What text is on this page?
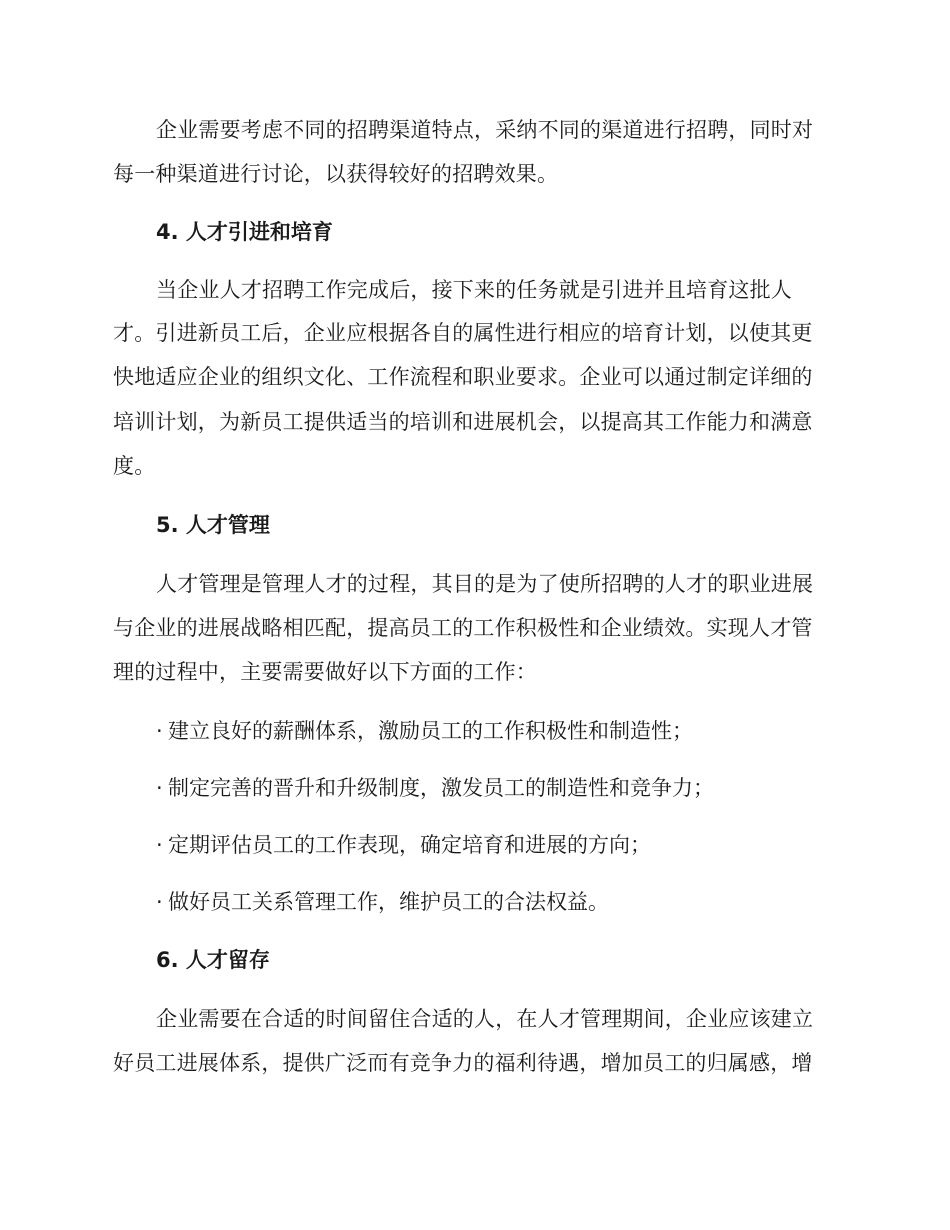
企业需要考虑不同的招聘渠道特点，采纳不同的渠道进行招聘，同时对
每一种渠道进行讨论，以获得较好的招聘效果。
4. 人才引进和培育
当企业人才招聘工作完成后，接下来的任务就是引进并且培育这批人
才。引进新员工后，企业应根据各自的属性进行相应的培育计划，以使其更
快地适应企业的组织文化、工作流程和职业要求。企业可以通过制定详细的
培训计划，为新员工提供适当的培训和进展机会，以提高其工作能力和满意
度。
5. 人才管理
人才管理是管理人才的过程，其目的是为了使所招聘的人才的职业进展
与企业的进展战略相匹配，提高员工的工作积极性和企业绩效。实现人才管
理的过程中，主要需要做好以下方面的工作：
· 建立良好的薪酬体系，激励员工的工作积极性和制造性；
· 制定完善的晋升和升级制度，激发员工的制造性和竞争力；
· 定期评估员工的工作表现，确定培育和进展的方向；
· 做好员工关系管理工作，维护员工的合法权益。
6. 人才留存
企业需要在合适的时间留住合适的人，在人才管理期间，企业应该建立
好员工进展体系，提供广泛而有竞争力的福利待遇，增加员工的归属感，增
